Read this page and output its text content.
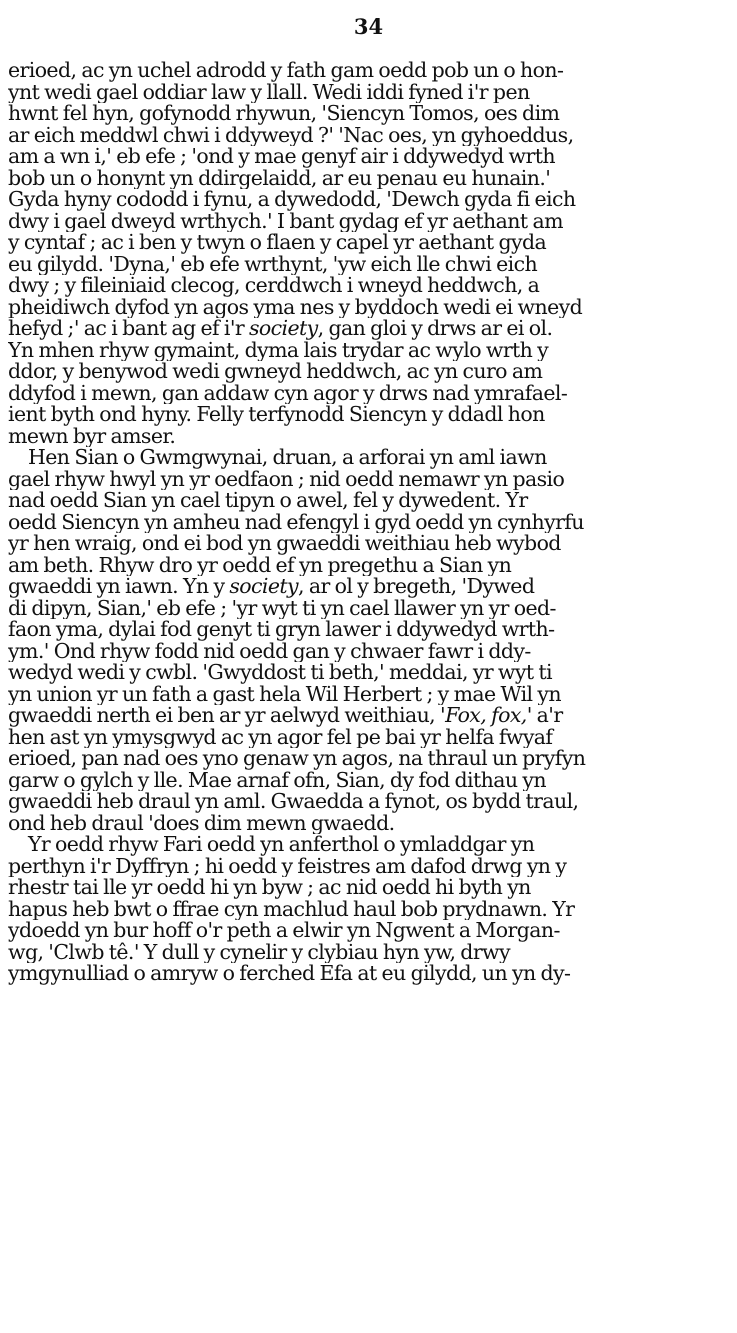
34
erioed, ac yn uchel adrodd y fath gam oedd pob un o hon-
ynt wedi gael oddiar law y llall. Wedi iddi fyned i'r pen
hwnt fel hyn, gofynodd rhywun, 'Siencyn Tomos, oes dim
ar eich meddwl chwi i ddyweyd ?' 'Nac oes, yn gyhoeddus,
am a wn i,' eb efe ; 'ond y mae genyf air i ddywedyd wrth
bob un o honynt yn ddirgelaidd, ar eu penau eu hunain.'
Gyda hyny cododd i fynu, a dywedodd, 'Dewch gyda fi eich
dwy i gael dweyd wrthych.' I bant gydag ef yr aethant am
y cyntaf ; ac i ben y twyn o flaen y capel yr aethant gyda
eu gilydd. 'Dyna,' eb efe wrthynt, 'yw eich lle chwi eich
dwy ; y fileiniaid clecog, cerddwch i wneyd heddwch, a
pheidiwch dyfod yn agos yma nes y byddoch wedi ei wneyd
hefyd ;' ac i bant ag ef i'r society, gan gloi y drws ar ei ol.
Yn mhen rhyw gymaint, dyma lais trydar ac wylo wrth y
ddor, y benywod wedi gwneyd heddwch, ac yn curo am
ddyfod i mewn, gan addaw cyn agor y drws nad ymrafael-
ient byth ond hyny. Felly terfynodd Siencyn y ddadl hon
mewn byr amser.
Hen Sian o Gwmgwynai, druan, a arforai yn aml iawn
gael rhyw hwyl yn yr oedfaon ; nid oedd nemawr yn pasio
nad oedd Sian yn cael tipyn o awel, fel y dywedent. Yr
oedd Siencyn yn amheu nad efengyl i gyd oedd yn cynhyrfu
yr hen wraig, ond ei bod yn gwaeddi weithiau heb wybod
am beth. Rhyw dro yr oedd ef yn pregethu a Sian yn
gwaeddi yn iawn. Yn y society, ar ol y bregeth, 'Dywed
di dipyn, Sian,' eb efe ; 'yr wyt ti yn cael llawer yn yr oed-
faon yma, dylai fod genyt ti gryn lawer i ddywedyd wrth-
ym.' Ond rhyw fodd nid oedd gan y chwaer fawr i ddy-
wedyd wedi y cwbl. 'Gwyddost ti beth,' meddai, yr wyt ti
yn union yr un fath a gast hela Wil Herbert ; y mae Wil yn
gwaeddi nerth ei ben ar yr aelwyd weithiau, 'Fox, fox,' a'r
hen ast yn ymysgwyd ac yn agor fel pe bai yr helfa fwyaf
erioed, pan nad oes yno genaw yn agos, na thraul un pryfyn
garw o gylch y lle. Mae arnaf ofn, Sian, dy fod dithau yn
gwaeddi heb draul yn aml. Gwaedda a fynot, os bydd traul,
ond heb draul 'does dim mewn gwaedd.
Yr oedd rhyw Fari oedd yn anferthol o ymladdgar yn
perthyn i'r Dyffryn ; hi oedd y feistres am dafod drwg yn y
rhestr tai lle yr oedd hi yn byw ; ac nid oedd hi byth yn
hapus heb bwt o ffrae cyn machlud haul bob prydnawn. Yr
ydoedd yn bur hoff o'r peth a elwir yn Ngwent a Morgan-
wg, 'Clwb tê.' Y dull y cynelir y clybiau hyn yw, drwy
ymgynulliad o amryw o ferched Efa at eu gilydd, un yn dy-
